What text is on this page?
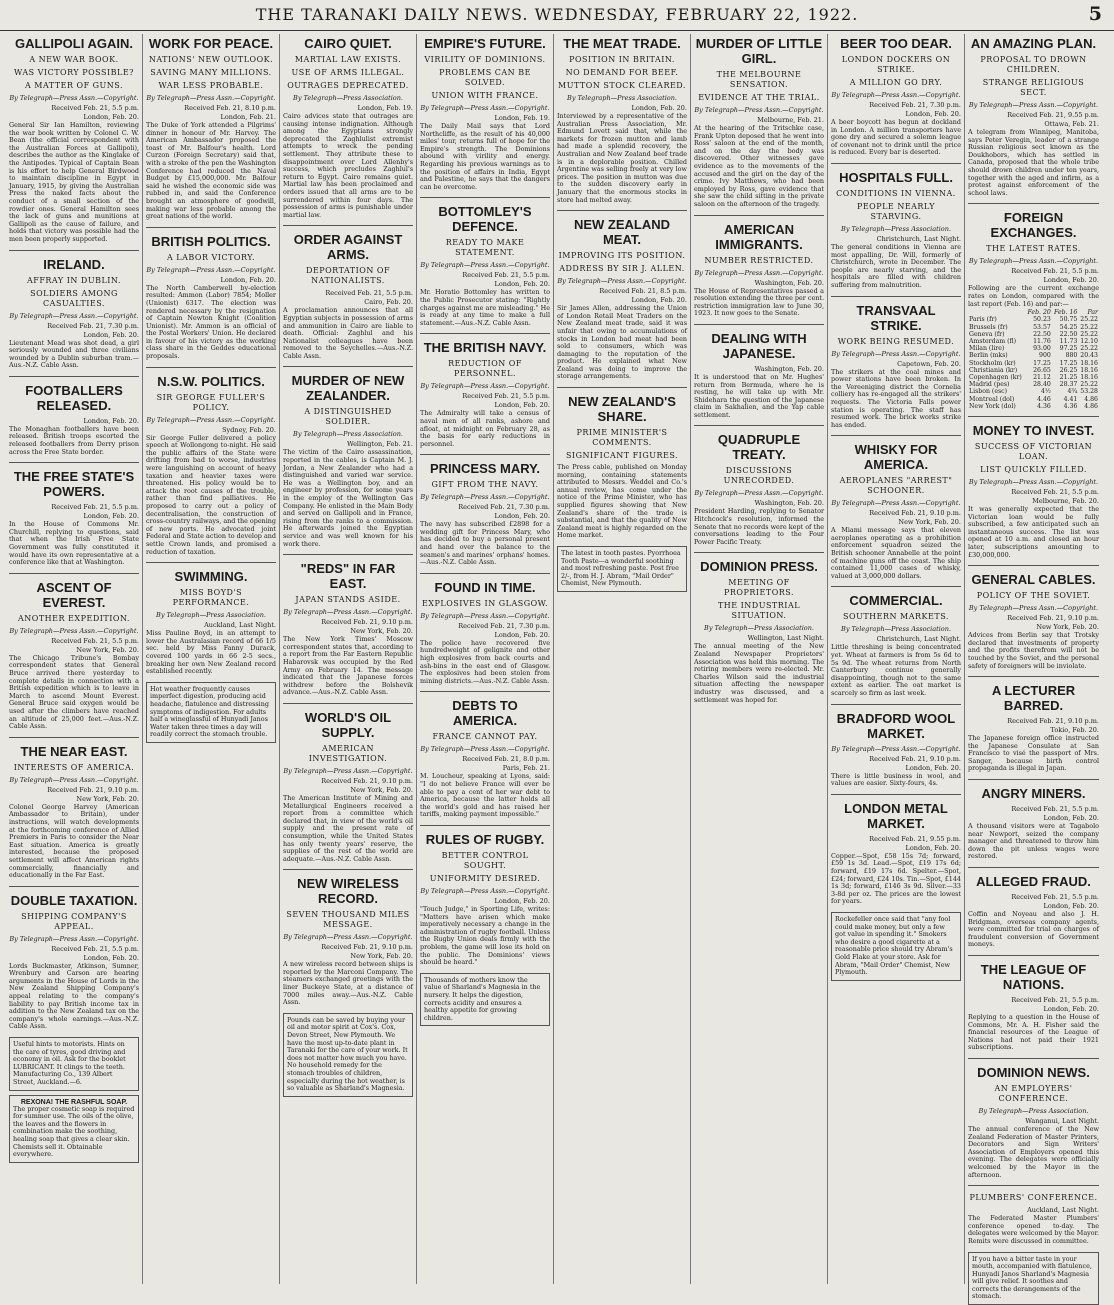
THE TARANAKI DAILY NEWS. WEDNESDAY, FEBRUARY 22, 1922.	5
GALLIPOLI AGAIN.
A NEW WAR BOOK.
WAS VICTORY POSSIBLE?
A MATTER OF GUNS.
By Telegraph—Press Assn.—Copyright.
Received Feb. 21, 5.5 p.m.
London, Feb. 20.
General Sir Ian Hamilton, reviewing the war book written by Colonel C. W. Bean (the official correspondent with the Australian Forces at Gallipoli), describes the author as the Kinglake of the Antipodes. Typical of Captain Bean is his effort to help General Birdwood to maintain discipline in Egypt in January, 1915, by giving the Australian Press the naked facts about the conduct of a small section of the rowdier ones. General Hamilton sees the lack of guns and munitions at Gallipoli as the cause of failure, and holds that victory was possible had the men been properly supported.
IRELAND.
AFFRAY IN DUBLIN.
SOLDIERS AMONG CASUALTIES.
By Telegraph—Press Assn.—Copyright.
Received Feb. 21, 7.30 p.m.
London, Feb. 20.
Lieutenant Mead was shot dead, a girl seriously wounded and three civilians wounded by a Dublin suburban tram.—Aus.-N.Z. Cable Assn.
FOOTBALLERS RELEASED.
London, Feb. 20.
The Monaghan footballers have been released. British troops escorted the released footballers from Derry prison across the Free State border.
THE FREE STATE'S POWERS.
Received Feb. 21, 5.5 p.m.
London, Feb. 20.
In the House of Commons Mr. Churchill, replying to questions, said that when the Irish Free State Government was fully constituted it would have its own representative at a conference like that at Washington.
ASCENT OF EVEREST.
ANOTHER EXPEDITION.
By Telegraph—Press Assn.—Copyright.
Received Feb. 21, 5.5 p.m.
New York, Feb. 20.
The Chicago Tribune's Bombay correspondent states that General Bruce arrived there yesterday to complete details in connection with a British expedition which is to leave in March to ascend Mount Everest. General Bruce said oxygen would be used after the climbers have reached an altitude of 25,000 feet.—Aus.-N.Z. Cable Assn.
THE NEAR EAST.
INTERESTS OF AMERICA.
By Telegraph—Press Assn.—Copyright.
Received Feb. 21, 9.10 p.m.
New York, Feb. 20.
Colonel George Harvey (American Ambassador to Britain), under instructions, will watch developments at the forthcoming conference of Allied Premiers in Paris to consider the Near East situation. America is greatly interested, because the proposed settlement will affect American rights commercially, financially and educationally in the Far East.
DOUBLE TAXATION.
SHIPPING COMPANY'S APPEAL.
By Telegraph—Press Assn.—Copyright.
Received Feb. 21, 5.5 p.m.
London, Feb. 20.
Lords Buckmaster, Atkinson, Sumner, Wrenbury and Carson are hearing arguments in the House of Lords in the New Zealand Shipping Company's appeal relating to the company's liability to pay British income tax in addition to the New Zealand tax on the company's whole earnings.—Aus.-N.Z. Cable Assn.
Useful hints to motorists. Hints on the care of tyres, good driving and economy in oil. Ask for the booklet LUBRICANT. It clings to the teeth. Manufacturing Co., 139 Albert Street, Auckland.—6.
REXONA! THE RASHFUL SOAP.
The proper cosmetic soap is required for summer use. The oils of the olive, the leaves and the flowers in combination make the soothing, healing soap that gives a clear skin. Chemists sell it. Obtainable everywhere.
WORK FOR PEACE.
NATIONS' NEW OUTLOOK.
SAVING MANY MILLIONS.
WAR LESS PROBABLE.
By Telegraph—Press Assn.—Copyright.
Received Feb. 21, 8.10 p.m.
London, Feb. 21.
The Duke of York attended a Pilgrims' dinner in honour of Mr. Harvey. The American Ambassador proposed the toast of Mr. Balfour's health. Lord Curzon (Foreign Secretary) said that, with a stroke of the pen the Washington Conference had reduced the Naval Budget by £15,000,000. Mr. Balfour said he wished the economic side was rubbed in, and said the Conference brought an atmosphere of goodwill, making war less probable among the great nations of the world.
BRITISH POLITICS.
A LABOR VICTORY.
By Telegraph—Press Assn.—Copyright.
London, Feb. 20.
The North Camberwell by-election resulted: Ammon (Labor) 7854; Moller (Unionist) 6317. The election was rendered necessary by the resignation of Captain Newton Knight (Coalition Unionist). Mr. Ammon is an official of the Postal Workers' Union. He declared in favour of his victory as the working class share in the Geddes educational proposals.
N.S.W. POLITICS.
SIR GEORGE FULLER'S POLICY.
By Telegraph—Press Assn.—Copyright.
Sydney, Feb. 20.
Sir George Fuller delivered a policy speech at Wollongong to-night. He said the public affairs of the State were drifting from bad to worse, industries were languishing on account of heavy taxation and heavier taxes were threatened. His policy would be to attack the root causes of the trouble, rather than find palliatives. He proposed to carry out a policy of decentralisation, the construction of cross-country railways, and the opening of new ports. He advocated joint Federal and State action to develop and settle Crown lands, and promised a reduction of taxation.
SWIMMING.
MISS BOYD'S PERFORMANCE.
By Telegraph—Press Association.
Auckland, Last Night.
Miss Pauline Boyd, in an attempt to lower the Australasian record of 66 1/5 sec. held by Miss Fanny Durack, covered 100 yards in 66 2-5 secs., breaking her own New Zealand record established recently.
Hot weather frequently causes imperfect digestion, producing acid headache, flatulence and distressing symptoms of indigestion. For adults half a wineglassful of Hunyadi Janos Water taken three times a day will readily correct the stomach trouble.
CAIRO QUIET.
MARTIAL LAW EXISTS.
USE OF ARMS ILLEGAL.
OUTRAGES DEPRECATED.
By Telegraph—Press Association.
London, Feb. 19.
Cairo advices state that outrages are causing intense indignation. Although among the Egyptians strongly deprecated the Zaghlulist extremist attempts to wreck the pending settlement. They attribute these to disappointment over Lord Allenby's success, which precludes Zaghlul's return to Egypt. Cairo remains quiet. Martial law has been proclaimed and orders issued that all arms are to be surrendered within four days. The possession of arms is punishable under martial law.
ORDER AGAINST ARMS.
DEPORTATION OF NATIONALISTS.
Received Feb. 21, 5.5 p.m.
Cairo, Feb. 20.
A proclamation announces that all Egyptian subjects in possession of arms and ammunition in Cairo are liable to death. Official: Zaghlul and his Nationalist colleagues have been removed to the Seychelles.—Aus.-N.Z. Cable Assn.
MURDER OF NEW ZEALANDER.
A DISTINGUISHED SOLDIER.
By Telegraph—Press Association.
Wellington, Feb. 21.
The victim of the Cairo assassination, reported in the cables, is Captain M. J. Jordan, a New Zealander who had a distinguished and varied war service. He was a Wellington boy, and an engineer by profession, for some years in the employ of the Wellington Gas Company. He enlisted in the Main Body and served on Gallipoli and in France, rising from the ranks to a commission. He afterwards joined the Egyptian service and was well known for his work there.
"REDS" IN FAR EAST.
JAPAN STANDS ASIDE.
By Telegraph—Press Assn.—Copyright.
Received Feb. 21, 9.10 p.m.
New York, Feb. 20.
The New York Times' Moscow correspondent states that, according to a report from the Far Eastern Republic Habarovsk was occupied by the Red Army on February 14. The message indicated that the Japanese forces withdrew before the Bolshevik advance.—Aus.-N.Z. Cable Assn.
WORLD'S OIL SUPPLY.
AMERICAN INVESTIGATION.
By Telegraph—Press Assn.—Copyright.
Received Feb. 21, 9.10 p.m.
New York, Feb. 20.
The American Institute of Mining and Metallurgical Engineers received a report from a committee which declared that, in view of the world's oil supply and the present rate of consumption, while the United States has only twenty years' reserve, the supplies of the rest of the world are adequate.—Aus.-N.Z. Cable Assn.
NEW WIRELESS RECORD.
SEVEN THOUSAND MILES MESSAGE.
By Telegraph—Press Assn.—Copyright.
Received Feb. 21, 9.10 p.m.
New York, Feb. 20.
A new wireless record between ships is reported by the Marconi Company. The steamers exchanged greetings with the liner Buckeye State, at a distance of 7000 miles away.—Aus.-N.Z. Cable Assn.
Pounds can be saved by buying your oil and motor spirit at Cox's. Cox, Devon Street, New Plymouth. We have the most up-to-date plant in Taranaki for the care of your work. It does not matter how much you have. No household remedy for the stomach troubles of children, especially during the hot weather, is so valuable as Sharland's Magnesia.
EMPIRE'S FUTURE.
VIRILITY OF DOMINIONS.
PROBLEMS CAN BE SOLVED.
UNION WITH FRANCE.
By Telegraph—Press Assn.—Copyright.
London, Feb. 19.
The Daily Mail says that Lord Northcliffe, as the result of his 40,000 miles' tour, returns full of hope for the Empire's strength. The Dominions abound with virility and energy. Regarding his previous warnings as to the position of affairs in India, Egypt and Palestine, he says that the dangers can be overcome.
BOTTOMLEY'S DEFENCE.
READY TO MAKE STATEMENT.
By Telegraph—Press Assn.—Copyright.
Received Feb. 21, 5.5 p.m.
London, Feb. 20.
Mr. Horatio Bottomley has written to the Public Prosecutor stating: "Rightly charges against me are misleading." He is ready at any time to make a full statement.—Aus.-N.Z. Cable Assn.
THE BRITISH NAVY.
REDUCTION OF PERSONNEL.
By Telegraph—Press Assn.—Copyright.
Received Feb. 21, 5.5 p.m.
London, Feb. 20.
The Admiralty will take a census of naval men of all ranks, ashore and afloat, at midnight on February 28, as the basis for early reductions in personnel.
PRINCESS MARY.
GIFT FROM THE NAVY.
By Telegraph—Press Assn.—Copyright.
Received Feb. 21, 7.30 p.m.
London, Feb. 20.
The navy has subscribed £2898 for a wedding gift for Princess Mary, who has decided to buy a personal present and hand over the balance to the seamen's and marines' orphans' homes.—Aus.-N.Z. Cable Assn.
FOUND IN TIME.
EXPLOSIVES IN GLASGOW.
By Telegraph—Press Assn.—Copyright.
Received Feb. 21, 7.30 p.m.
London, Feb. 20.
The police have recovered five hundredweight of gelignite and other high explosives from back courts and ash-bins in the east end of Glasgow. The explosives had been stolen from mining districts.—Aus.-N.Z. Cable Assn.
DEBTS TO AMERICA.
FRANCE CANNOT PAY.
By Telegraph—Press Assn.—Copyright.
Received Feb. 21, 8.0 p.m.
Paris, Feb. 21.
M. Loucheur, speaking at Lyons, said: "I do not believe France will ever be able to pay a cent of her war debt to America, because the latter holds all the world's gold and has raised her tariffs, making payment impossible."
RULES OF RUGBY.
BETTER CONTROL SOUGHT.
UNIFORMITY DESIRED.
By Telegraph—Press Assn.—Copyright.
London, Feb. 20.
"Touch Judge," in Sporting Life, writes: "Matters have arisen which make imperatively necessary a change in the administration of rugby football. Unless the Rugby Union deals firmly with the problem, the game will lose its hold on the public. The Dominions' views should be heard."
Thousands of mothers know the value of Sharland's Magnesia in the nursery. It helps the digestion, corrects acidity and ensures a healthy appetite for growing children.
THE MEAT TRADE.
POSITION IN BRITAIN.
NO DEMAND FOR BEEF.
MUTTON STOCK CLEARED.
By Telegraph—Press Association.
London, Feb. 20.
Interviewed by a representative of the Australian Press Association, Mr. Edmund Lovett said that, while the markets for frozen mutton and lamb had made a splendid recovery, the Australian and New Zealand beef trade is in a deplorable position. Chilled Argentine was selling freely at very low prices. The position in mutton was due to the sudden discovery early in January that the enormous stocks in store had melted away.
NEW ZEALAND MEAT.
IMPROVING ITS POSITION.
ADDRESS BY SIR J. ALLEN.
By Telegraph—Press Assn.—Copyright.
Received Feb. 21, 8.5 p.m.
London, Feb. 20.
Sir James Allen, addressing the Union of London Retail Meat Traders on the New Zealand meat trade, said it was unfair that owing to accumulations of stocks in London bad meat had been sold to consumers, which was damaging to the reputation of the product. He explained what New Zealand was doing to improve the storage arrangements.
NEW ZEALAND'S SHARE.
PRIME MINISTER'S COMMENTS.
SIGNIFICANT FIGURES.
The Press cable, published on Monday morning, containing statements attributed to Messrs. Weddel and Co.'s annual review, has come under the notice of the Prime Minister, who has supplied figures showing that New Zealand's share of the trade is substantial, and that the quality of New Zealand meat is highly regarded on the Home market.
The latest in tooth pastes. Pyorrhoea Tooth Paste—a wonderful soothing and most refreshing paste. Post free 2/-, from H. J. Abram, "Mail Order" Chemist, New Plymouth.
MURDER OF LITTLE GIRL.
THE MELBOURNE SENSATION.
EVIDENCE AT THE TRIAL.
By Telegraph—Press Assn.—Copyright.
Melbourne, Feb. 21.
At the hearing of the Tritschke case, Frank Upton deposed that he went into Ross' saloon at the end of the month, and on the day the body was discovered. Other witnesses gave evidence as to the movements of the accused and the girl on the day of the crime. Ivy Matthews, who had been employed by Ross, gave evidence that she saw the child sitting in the private saloon on the afternoon of the tragedy.
AMERICAN IMMIGRANTS.
NUMBER RESTRICTED.
By Telegraph—Press Assn.—Copyright.
Washington, Feb. 20.
The House of Representatives passed a resolution extending the three per cent. restriction immigration law to June 30, 1923. It now goes to the Senate.
DEALING WITH JAPANESE.
Washington, Feb. 20.
It is understood that on Mr. Hughes' return from Bermuda, where he is resting, he will take up with Mr. Shidehara the question of the Japanese claim in Sakhalien, and the Yap cable settlement.
QUADRUPLE TREATY.
DISCUSSIONS UNRECORDED.
By Telegraph—Press Assn.—Copyright.
Washington, Feb. 20.
President Harding, replying to Senator Hitchcock's resolution, informed the Senate that no records were kept of the conversations leading to the Four Power Pacific Treaty.
DOMINION PRESS.
MEETING OF PROPRIETORS.
THE INDUSTRIAL SITUATION.
By Telegraph—Press Association.
Wellington, Last Night.
The annual meeting of the New Zealand Newspaper Proprietors' Association was held this morning. The retiring members were re-elected. Mr. Charles Wilson said the industrial situation affecting the newspaper industry was discussed, and a settlement was hoped for.
BEER TOO DEAR.
LONDON DOCKERS ON STRIKE.
A MILLION GO DRY.
By Telegraph—Press Assn.—Copyright.
Received Feb. 21, 7.30 p.m.
London, Feb. 20.
A beer boycott has begun at dockland in London. A million transporters have gone dry and secured a solemn league of covenant not to drink until the price is reduced. Every bar is deserted.
HOSPITALS FULL.
CONDITIONS IN VIENNA.
PEOPLE NEARLY STARVING.
By Telegraph—Press Association.
Christchurch, Last Night.
The general conditions in Vienna are most appalling, Dr. Will, formerly of Christchurch, wrote in December. The people are nearly starving, and the hospitals are filled with children suffering from malnutrition.
TRANSVAAL STRIKE.
WORK BEING RESUMED.
By Telegraph—Press Assn.—Copyright.
Capetown, Feb. 20.
The strikers at the coal mines and power stations have been broken. In the Vereeniging district the Cornelia colliery has re-engaged all the strikers' requests. The Victoria Falls power station is operating. The staff has resumed work. The brick works strike has ended.
WHISKY FOR AMERICA.
AEROPLANES "ARREST" SCHOONER.
By Telegraph—Press Assn.—Copyright.
Received Feb. 21, 9.10 p.m.
New York, Feb. 20.
A Miami message says that eleven aeroplanes operating as a prohibition enforcement squadron seized the British schooner Annabelle at the point of machine guns off the coast. The ship contained 11,000 cases of whisky, valued at 3,000,000 dollars.
COMMERCIAL.
SOUTHERN MARKETS.
By Telegraph—Press Association.
Christchurch, Last Night.
Little threshing is being concentrated yet. Wheat at farmers is from 5s 6d to 5s 9d. The wheat returns from North Canterbury continue generally disappointing, though not to the same extent as earlier. The oat market is scarcely so firm as last week.
BRADFORD WOOL MARKET.
By Telegraph—Press Assn.—Copyright.
Received Feb. 21, 9.10 p.m.
London, Feb. 20.
There is little business in wool, and values are easier. Sixty-fours, 4s.
LONDON METAL MARKET.
Received Feb. 21, 9.55 p.m.
London, Feb. 20.
Copper.—Spot, £58 15s 7d; forward, £59 1s 3d. Lead.—Spot, £19 17s 6d; forward, £19 17s 6d. Spelter.—Spot, £24; forward, £24 10s. Tin.—Spot, £144 1s 3d; forward, £146 3s 9d. Silver.—33 3-8d per oz. The prices are the lowest for years.
Rockefeller once said that "any fool could make money, but only a few got value in spending it." Smokers who desire a good cigarette at a reasonable price should try Abram's Gold Flake at your store. Ask for Abram, "Mail Order" Chemist, New Plymouth.
AN AMAZING PLAN.
PROPOSAL TO DROWN CHILDREN.
STRANGE RELIGIOUS SECT.
By Telegraph—Press Assn.—Copyright.
Received Feb. 21, 9.55 p.m.
Ottawa, Feb. 21.
A telegram from Winnipeg, Manitoba, says Peter Veregin, leader of a strange Russian religious sect known as the Doukhobors, which has settled in Canada, proposed that the whole tribe should drown children under ten years, together with the aged and infirm, as a protest against enforcement of the school laws.
FOREIGN EXCHANGES.
THE LATEST RATES.
By Telegraph—Press Assn.—Copyright.
Received Feb. 21, 5.5 p.m.
London, Feb. 20.
Following are the current exchange rates on London, compared with the last report (Feb. 16) and par:—
	Feb. 20	Feb. 16	Par
Paris (fr)	50.23	50.75	25.22
Brussels (fr)	53.57	54.25	25.22
Geneva (fr)	22.50	22.50	25.22
Amsterdam (fl)	11.76	11.73	12.10
Milan (lire)	93.00	97.25	25.22
Berlin (mks)	900	880	20.43
Stockholm (kr)	17.25	17.25	18.16
Christiania (kr)	26.65	26.25	18.16
Copenhagen (kr)	21.12	21.25	18.16
Madrid (pes)	28.40	28.37	25.22
Lisbon (esc)	4½	4¾	53.28
Montreal (dol)	4.46	4.41	4.86
New York (dol)	4.36	4.36	4.86
MONEY TO INVEST.
SUCCESS OF VICTORIAN LOAN.
LIST QUICKLY FILLED.
By Telegraph—Press Assn.—Copyright.
Received Feb. 21, 5.5 p.m.
Melbourne, Feb. 20.
It was generally expected that the Victorian loan would be fully subscribed, a few anticipated such an instantaneous success. The list was opened at 10 a.m. and closed an hour later, subscriptions amounting to £30,000,000.
GENERAL CABLES.
POLICY OF THE SOVIET.
By Telegraph—Press Assn.—Copyright.
Received Feb. 21, 9.10 p.m.
New York, Feb. 20.
Advices from Berlin say that Trotsky declared that investments of property and the profits therefrom will not be touched by the Soviet, and the personal safety of foreigners will be inviolate.
A LECTURER BARRED.
Received Feb. 21, 9.10 p.m.
Tokio, Feb. 20.
The Japanese foreign office instructed the Japanese Consulate at San Francisco to visé the passport of Mrs. Sanger, because birth control propaganda is illegal in Japan.
ANGRY MINERS.
Received Feb. 21, 5.5 p.m.
London, Feb. 20.
A thousand visitors were at Tagabolo near Newport, seized the company manager and threatened to throw him down the pit unless wages were restored.
ALLEGED FRAUD.
Received Feb. 21, 5.5 p.m.
London, Feb. 20.
Coffin and Noyeau and also J. H. Bridgman, overseas company agents, were committed for trial on charges of fraudulent conversion of Government moneys.
THE LEAGUE OF NATIONS.
Received Feb. 21, 5.5 p.m.
London, Feb. 20.
Replying to a question in the House of Commons, Mr. A. H. Fisher said the financial resources of the League of Nations had not paid their 1921 subscriptions.
DOMINION NEWS.
AN EMPLOYERS' CONFERENCE.
By Telegraph—Press Association.
Wanganui, Last Night.
The annual conference of the New Zealand Federation of Master Printers, Decorators and Sign Writers' Association of Employers opened this evening. The delegates were officially welcomed by the Mayor in the afternoon.
PLUMBERS' CONFERENCE.
Auckland, Last Night.
The Federated Master Plumbers' conference opened to-day. The delegates were welcomed by the Mayor. Remits were discussed in committee.
If you have a bitter taste in your mouth, accompanied with flatulence, Hunyadi Janos Sharland's Magnesia will give relief. It soothes and corrects the derangements of the stomach.
